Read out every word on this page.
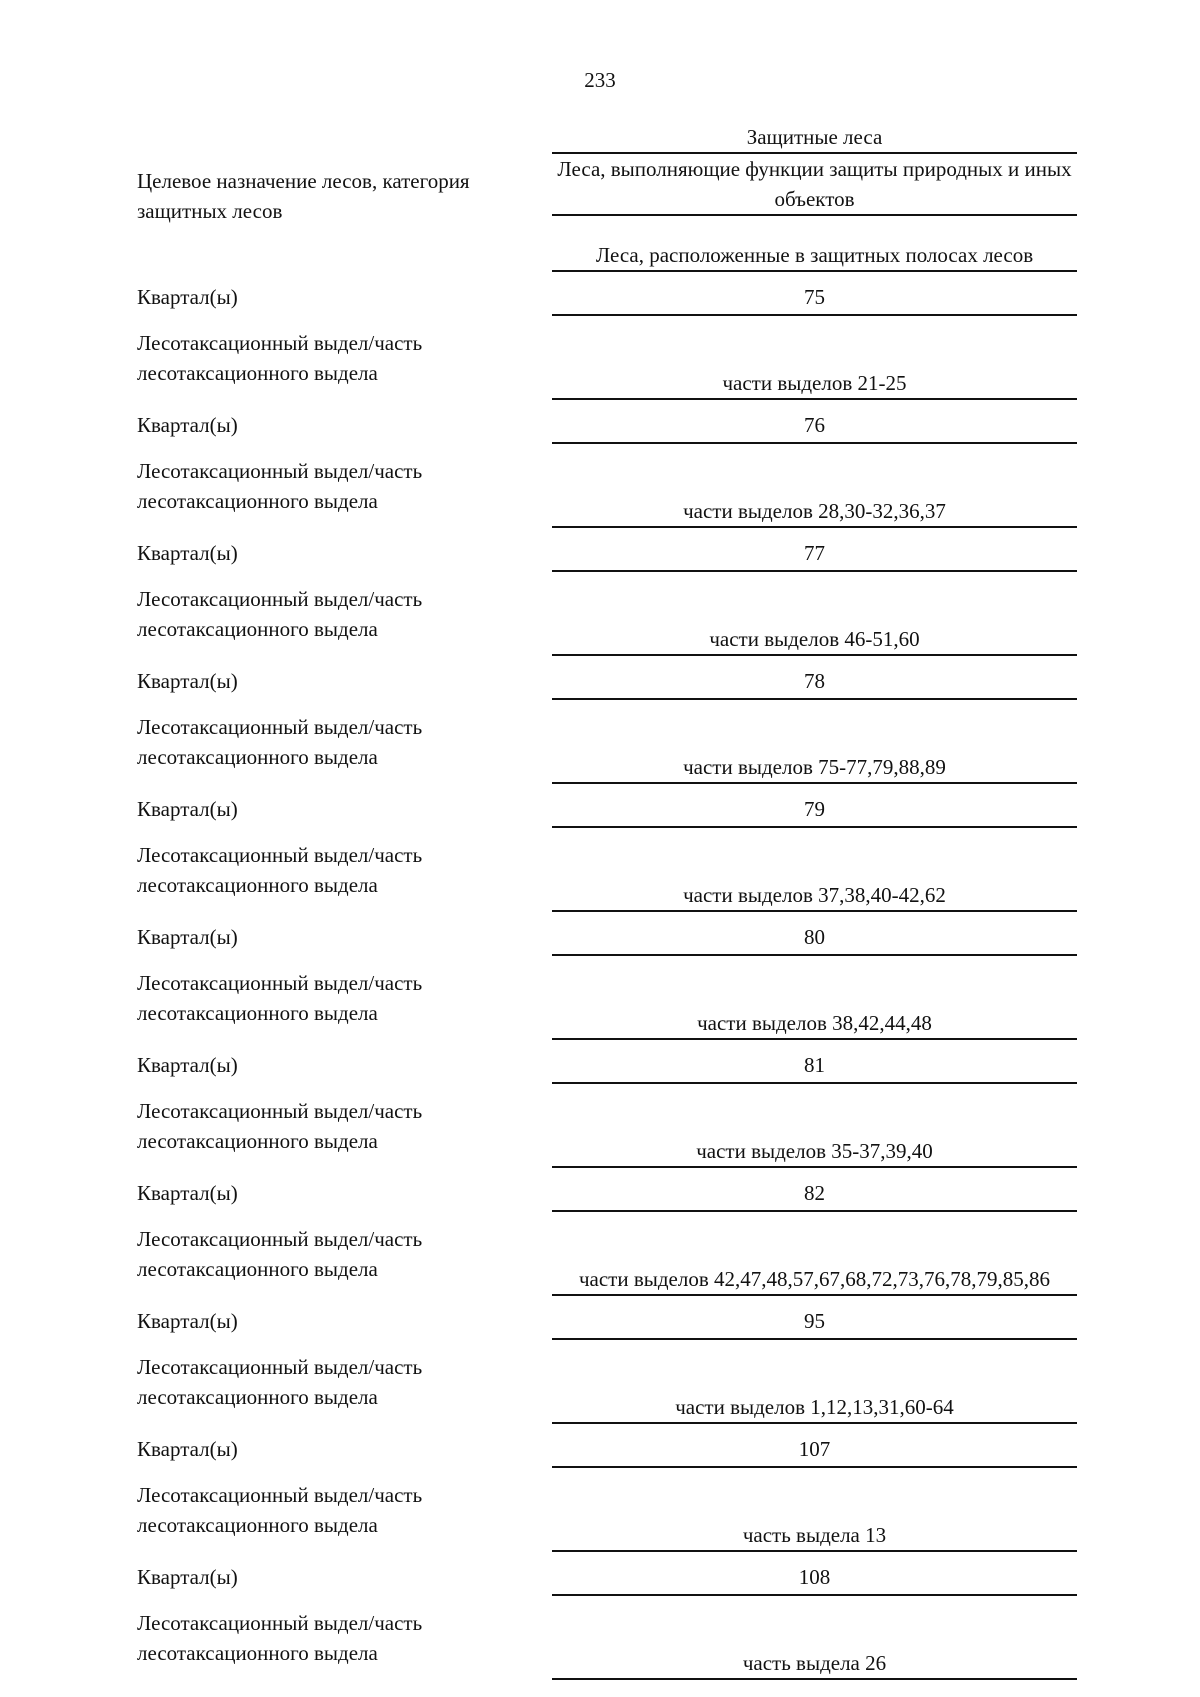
233
Целевое назначение лесов, категория защитных лесов
Защитные леса
Леса, выполняющие функции защиты природных и иных объектов
Леса, расположенные в защитных полосах лесов
Квартал(ы)	75
Лесотаксационный выдел/часть лесотаксационного выдела	части выделов 21-25
Квартал(ы)	76
Лесотаксационный выдел/часть лесотаксационного выдела	части выделов 28,30-32,36,37
Квартал(ы)	77
Лесотаксационный выдел/часть лесотаксационного выдела	части выделов 46-51,60
Квартал(ы)	78
Лесотаксационный выдел/часть лесотаксационного выдела	части выделов 75-77,79,88,89
Квартал(ы)	79
Лесотаксационный выдел/часть лесотаксационного выдела	части выделов 37,38,40-42,62
Квартал(ы)	80
Лесотаксационный выдел/часть лесотаксационного выдела	части выделов 38,42,44,48
Квартал(ы)	81
Лесотаксационный выдел/часть лесотаксационного выдела	части выделов 35-37,39,40
Квартал(ы)	82
Лесотаксационный выдел/часть лесотаксационного выдела	части выделов 42,47,48,57,67,68,72,73,76,78,79,85,86
Квартал(ы)	95
Лесотаксационный выдел/часть лесотаксационного выдела	части выделов 1,12,13,31,60-64
Квартал(ы)	107
Лесотаксационный выдел/часть лесотаксационного выдела	часть выдела 13
Квартал(ы)	108
Лесотаксационный выдел/часть лесотаксационного выдела	часть выдела 26
